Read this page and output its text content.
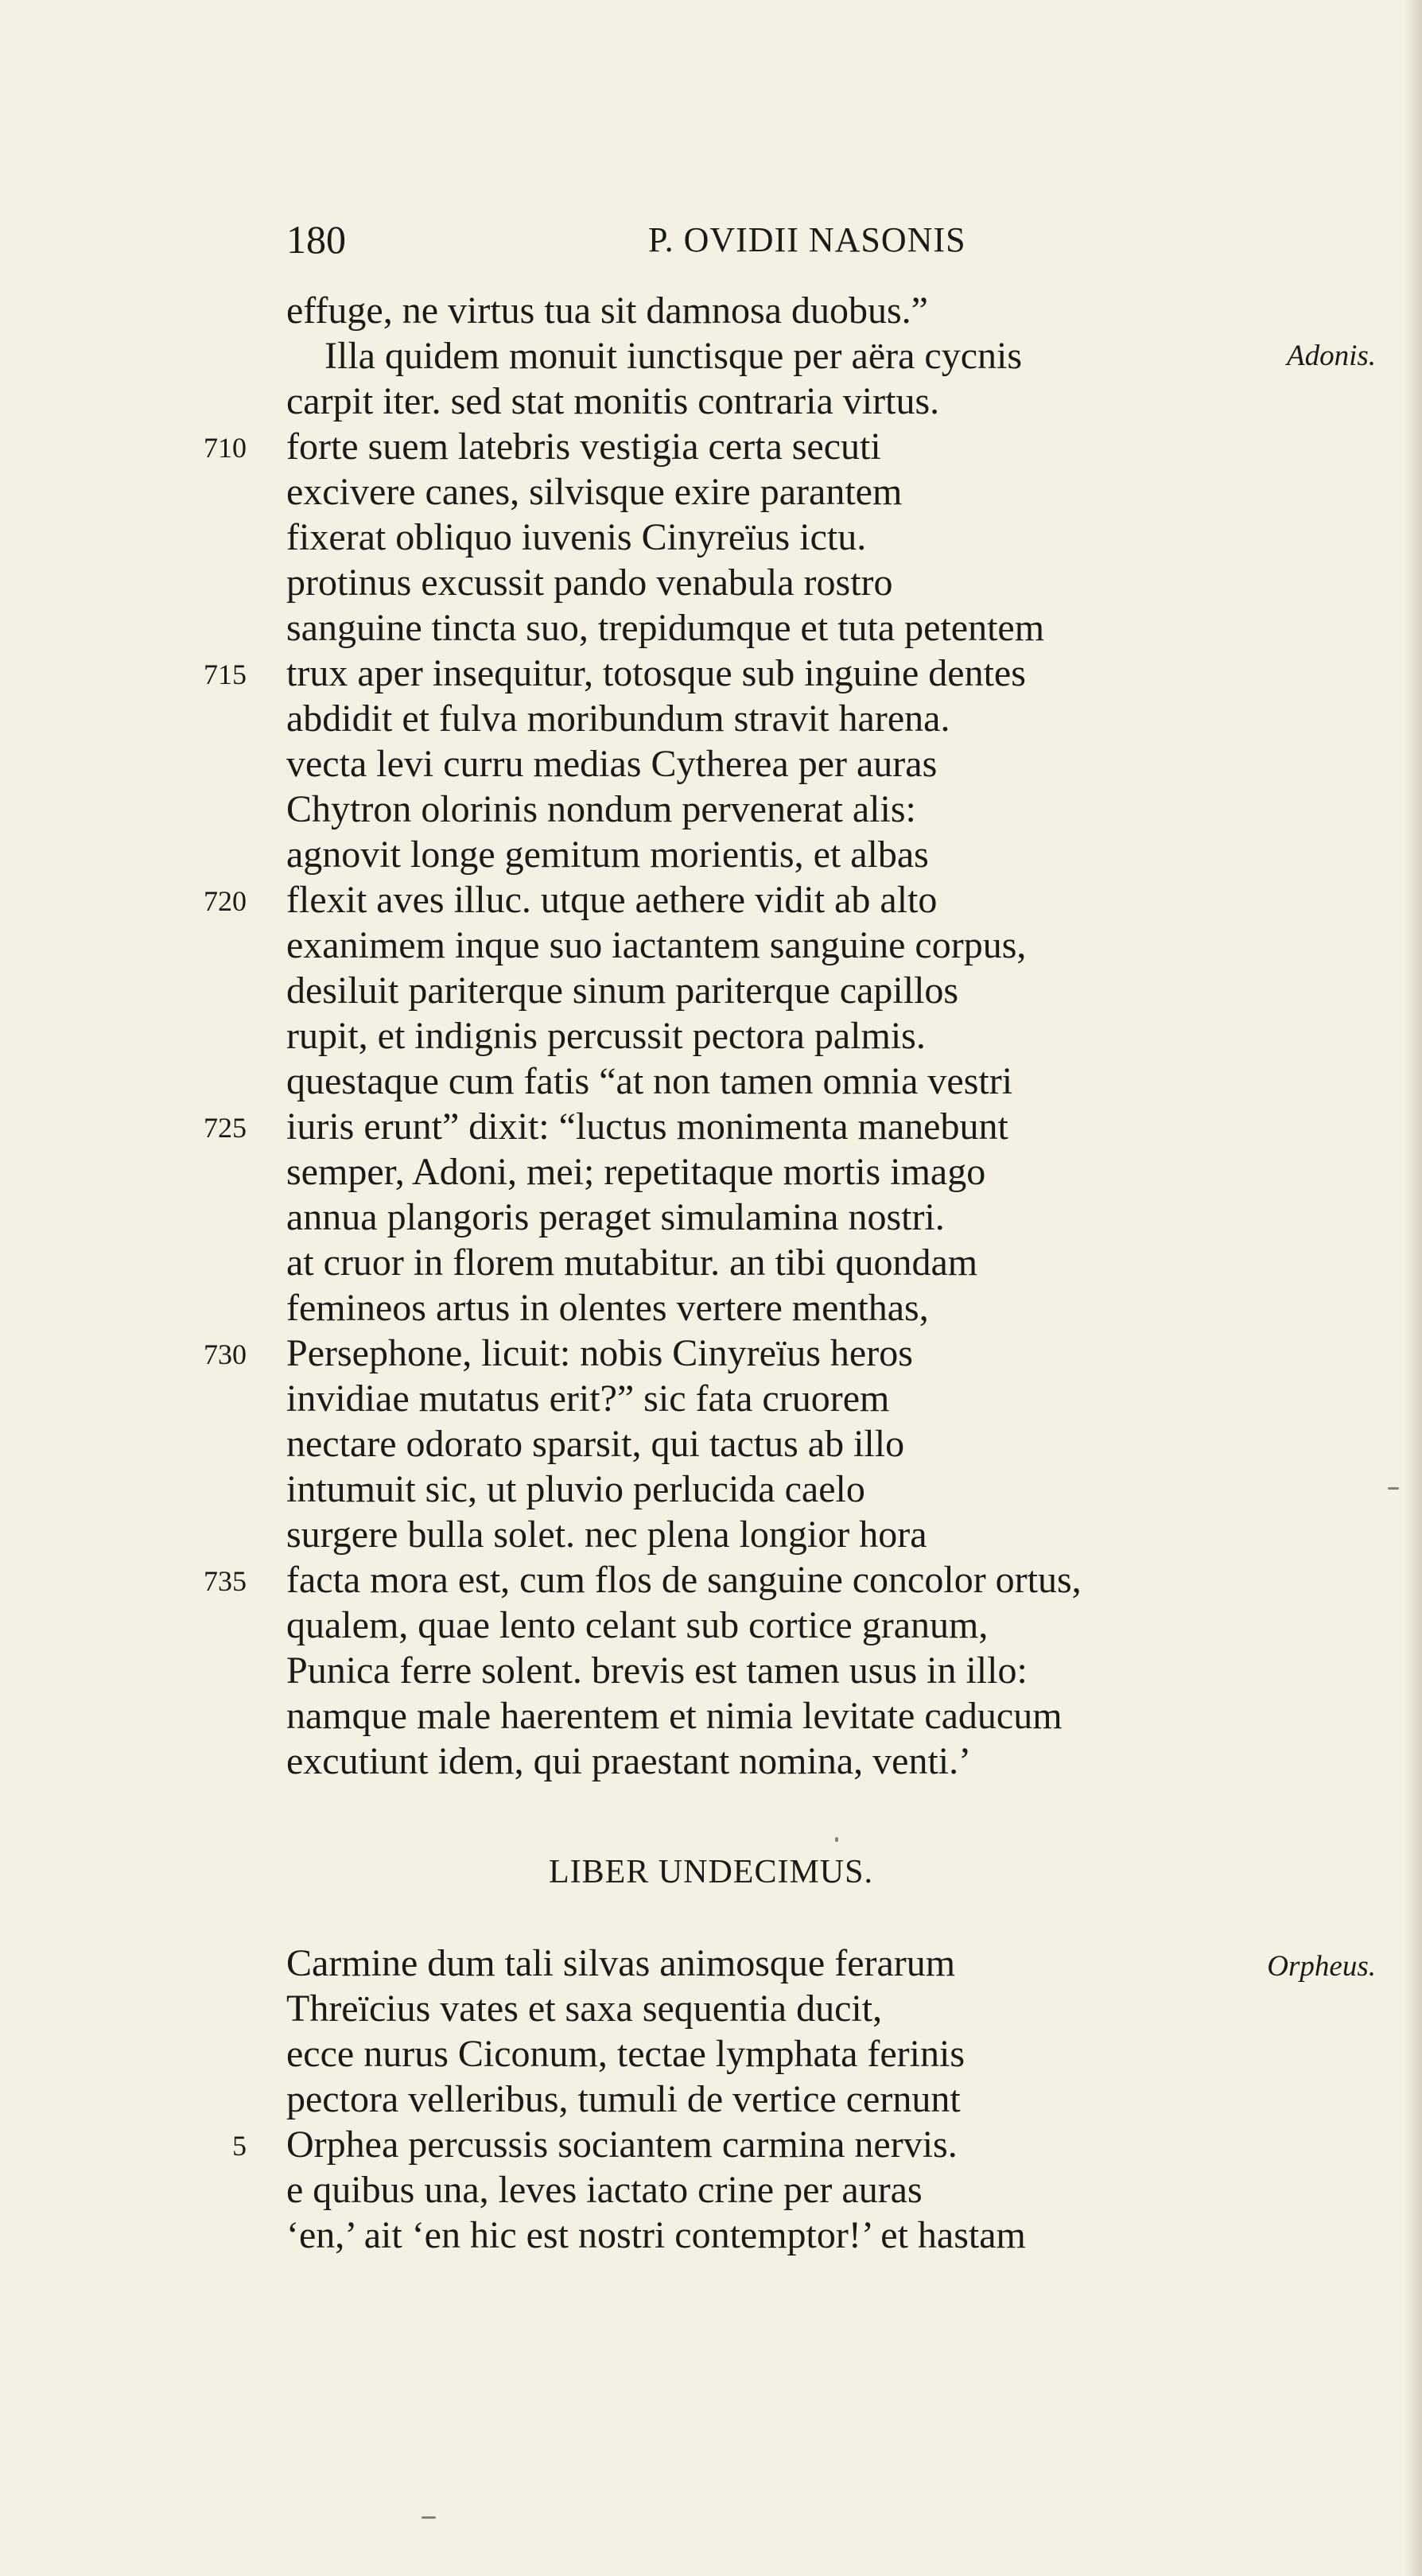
180	P. OVIDII NASONIS
effuge, ne virtus tua sit damnosa duobus.”
Illa quidem monuit iunctisque per aëra cycnis	Adonis.
carpit iter. sed stat monitis contraria virtus.
710 forte suem latebris vestigia certa secuti
excivere canes, silvisque exire parantem
fixerat obliquo iuvenis Cinyreïus ictu.
protinus excussit pando venabula rostro
sanguine tincta suo, trepidumque et tuta petentem
715 trux aper insequitur, totosque sub inguine dentes
abdidit et fulva moribundum stravit harena.
vecta levi curru medias Cytherea per auras
Chytron olorinis nondum pervenerat alis:
agnovit longe gemitum morientis, et albas
720 flexit aves illuc. utque aethere vidit ab alto
exanimem inque suo iactantem sanguine corpus,
desiluit pariterque sinum pariterque capillos
rupit, et indignis percussit pectora palmis.
questaque cum fatis “at non tamen omnia vestri
725 iuris erunt” dixit: “luctus monimenta manebunt
semper, Adoni, mei; repetitaque mortis imago
annua plangoris peraget simulamina nostri.
at cruor in florem mutabitur. an tibi quondam
femineos artus in olentes vertere menthas,
730 Persephone, licuit: nobis Cinyreïus heros
invidiae mutatus erit?” sic fata cruorem
nectare odorato sparsit, qui tactus ab illo
intumuit sic, ut pluvio perlucida caelo
surgere bulla solet. nec plena longior hora
735 facta mora est, cum flos de sanguine concolor ortus,
qualem, quae lento celant sub cortice granum,
Punica ferre solent. brevis est tamen usus in illo:
namque male haerentem et nimia levitate caducum
excutiunt idem, qui praestant nomina, venti.’
LIBER UNDECIMUS.
Carmine dum tali silvas animosque ferarum	Orpheus.
Threïcius vates et saxa sequentia ducit,
ecce nurus Ciconum, tectae lymphata ferinis
pectora velleribus, tumuli de vertice cernunt
5 Orphea percussis sociantem carmina nervis.
e quibus una, leves iactato crine per auras
‘en,’ ait ‘en hic est nostri contemptor!’ et hastam
